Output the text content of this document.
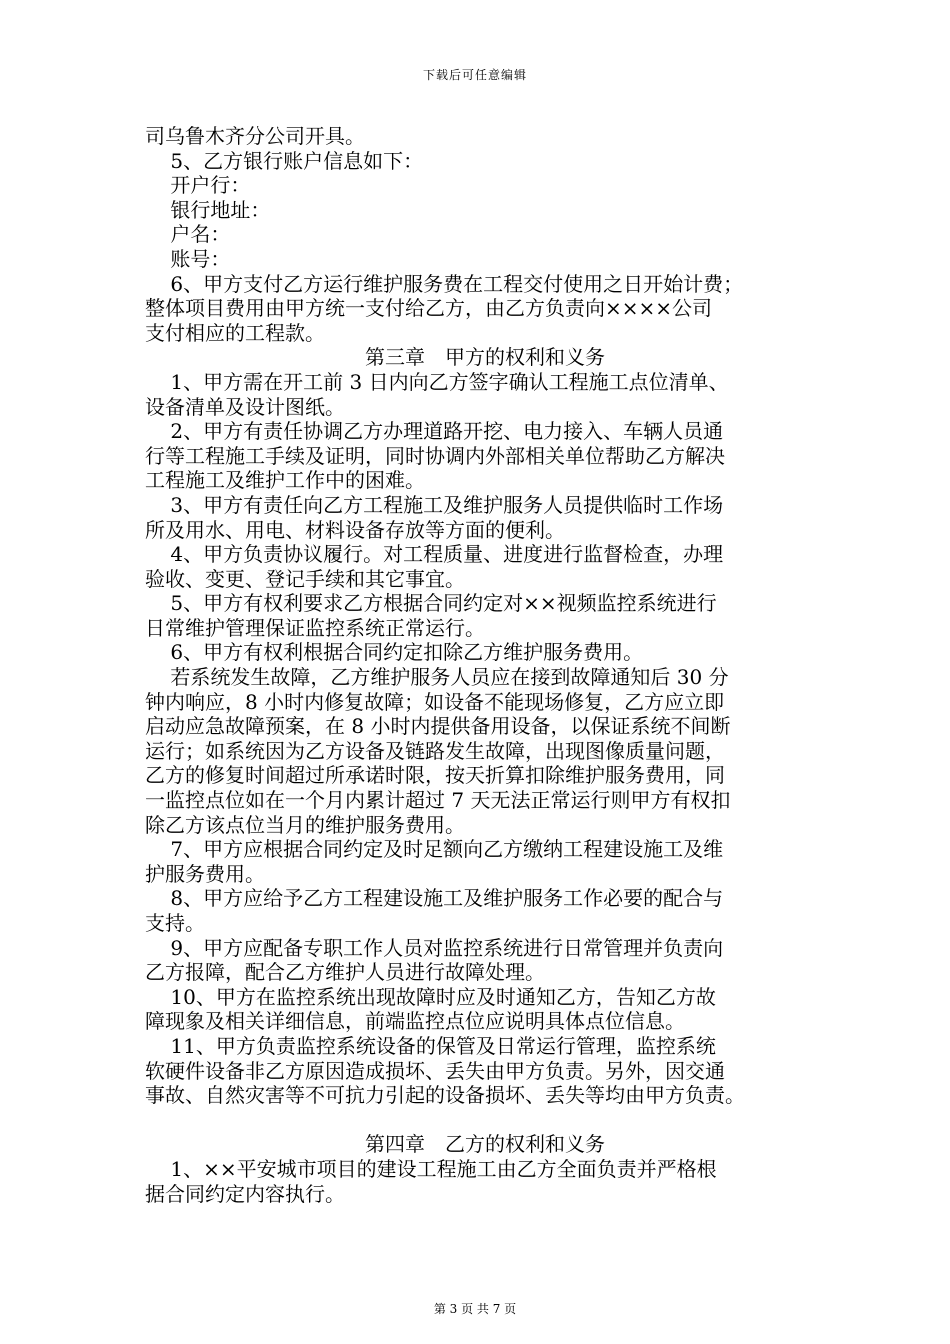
下载后可任意编辑
司乌鲁木齐分公司开具。
5、乙方银行账户信息如下：
开户行：
银行地址：
户名：
账号：
6、甲方支付乙方运行维护服务费在工程交付使用之日开始计费；
整体项目费用由甲方统一支付给乙方，由乙方负责向××××公司
支付相应的工程款。
第三章　甲方的权利和义务
1、甲方需在开工前 3 日内向乙方签字确认工程施工点位清单、
设备清单及设计图纸。
2、甲方有责任协调乙方办理道路开挖、电力接入、车辆人员通
行等工程施工手续及证明，同时协调内外部相关单位帮助乙方解决
工程施工及维护工作中的困难。
3、甲方有责任向乙方工程施工及维护服务人员提供临时工作场
所及用水、用电、材料设备存放等方面的便利。
4、甲方负责协议履行。对工程质量、进度进行监督检查，办理
验收、变更、登记手续和其它事宜。
5、甲方有权利要求乙方根据合同约定对××视频监控系统进行
日常维护管理保证监控系统正常运行。
6、甲方有权利根据合同约定扣除乙方维护服务费用。
若系统发生故障，乙方维护服务人员应在接到故障通知后 30 分
钟内响应，8 小时内修复故障；如设备不能现场修复，乙方应立即
启动应急故障预案，在 8 小时内提供备用设备，以保证系统不间断
运行；如系统因为乙方设备及链路发生故障，出现图像质量问题，
乙方的修复时间超过所承诺时限，按天折算扣除维护服务费用，同
一监控点位如在一个月内累计超过 7 天无法正常运行则甲方有权扣
除乙方该点位当月的维护服务费用。
7、甲方应根据合同约定及时足额向乙方缴纳工程建设施工及维
护服务费用。
8、甲方应给予乙方工程建设施工及维护服务工作必要的配合与
支持。
9、甲方应配备专职工作人员对监控系统进行日常管理并负责向
乙方报障，配合乙方维护人员进行故障处理。
10、甲方在监控系统出现故障时应及时通知乙方，告知乙方故
障现象及相关详细信息，前端监控点位应说明具体点位信息。
11、甲方负责监控系统设备的保管及日常运行管理，监控系统
软硬件设备非乙方原因造成损坏、丢失由甲方负责。另外，因交通
事故、自然灾害等不可抗力引起的设备损坏、丢失等均由甲方负责。
第四章　乙方的权利和义务
1、××平安城市项目的建设工程施工由乙方全面负责并严格根
据合同约定内容执行。
第 3 页 共 7 页
